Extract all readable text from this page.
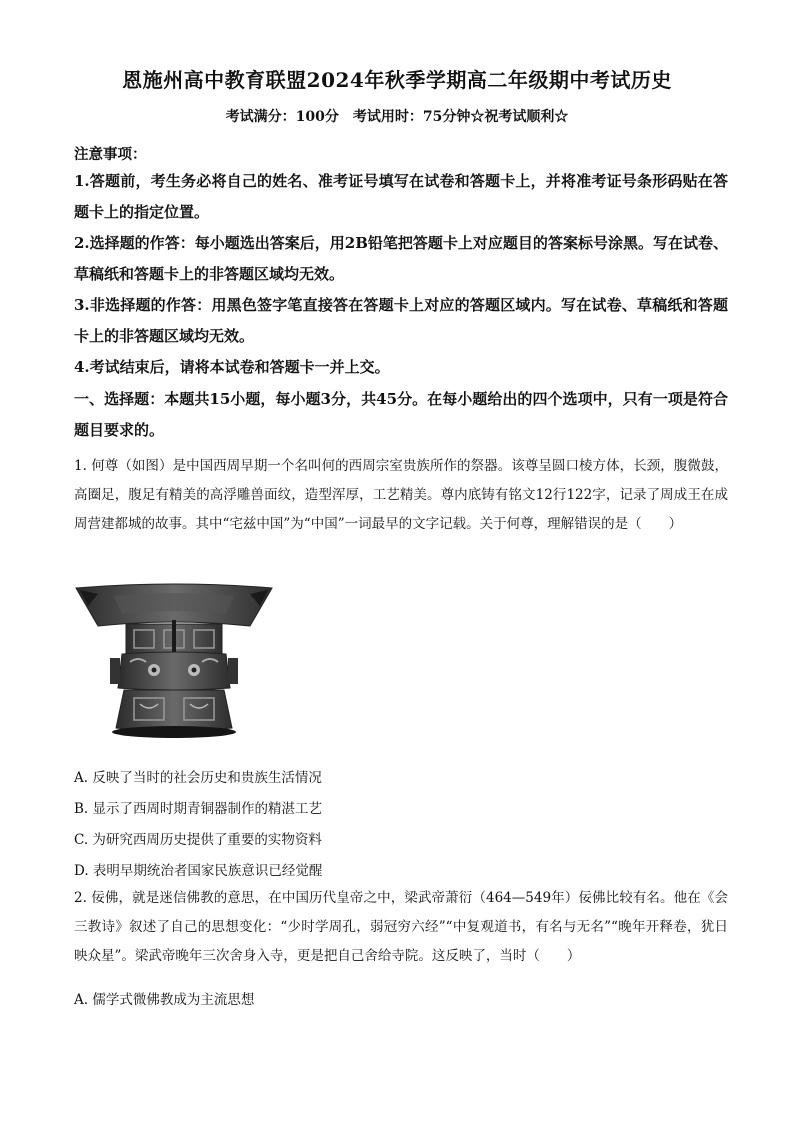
恩施州高中教育联盟2024年秋季学期高二年级期中考试历史
考试满分：100分　考试用时：75分钟☆祝考试顺利☆
注意事项：
1.答题前，考生务必将自己的姓名、准考证号填写在试卷和答题卡上，并将准考证号条形码贴在答题卡上的指定位置。
2.选择题的作答：每小题选出答案后，用2B铅笔把答题卡上对应题目的答案标号涂黑。写在试卷、草稿纸和答题卡上的非答题区域均无效。
3.非选择题的作答：用黑色签字笔直接答在答题卡上对应的答题区域内。写在试卷、草稿纸和答题卡上的非答题区域均无效。
4.考试结束后，请将本试卷和答题卡一并上交。
一、选择题：本题共15小题，每小题3分，共45分。在每小题给出的四个选项中，只有一项是符合题目要求的。
1. 何尊（如图）是中国西周早期一个名叫何的西周宗室贵族所作的祭器。该尊呈圆口棱方体，长颈，腹微鼓，高圈足，腹足有精美的高浮雕兽面纹，造型浑厚，工艺精美。尊内底铸有铭文12行122字，记录了周成王在成周营建都城的故事。其中“宅兹中国”为“中国”一词最早的文字记载。关于何尊，理解错误的是（　　）
A. 反映了当时的社会历史和贵族生活情况
B. 显示了西周时期青铜器制作的精湛工艺
C. 为研究西周历史提供了重要的实物资料
D. 表明早期统治者国家民族意识已经觉醒
2. 佞佛，就是迷信佛教的意思，在中国历代皇帝之中，梁武帝萧衍（464—549年）佞佛比较有名。他在《会三教诗》叙述了自己的思想变化：“少时学周孔，弱冠穷六经”“中复观道书，有名与无名”“晚年开释卷，犹日映众星”。梁武帝晚年三次舍身入寺，更是把自己舍给寺院。这反映了，当时（　　）
A. 儒学式微佛教成为主流思想
